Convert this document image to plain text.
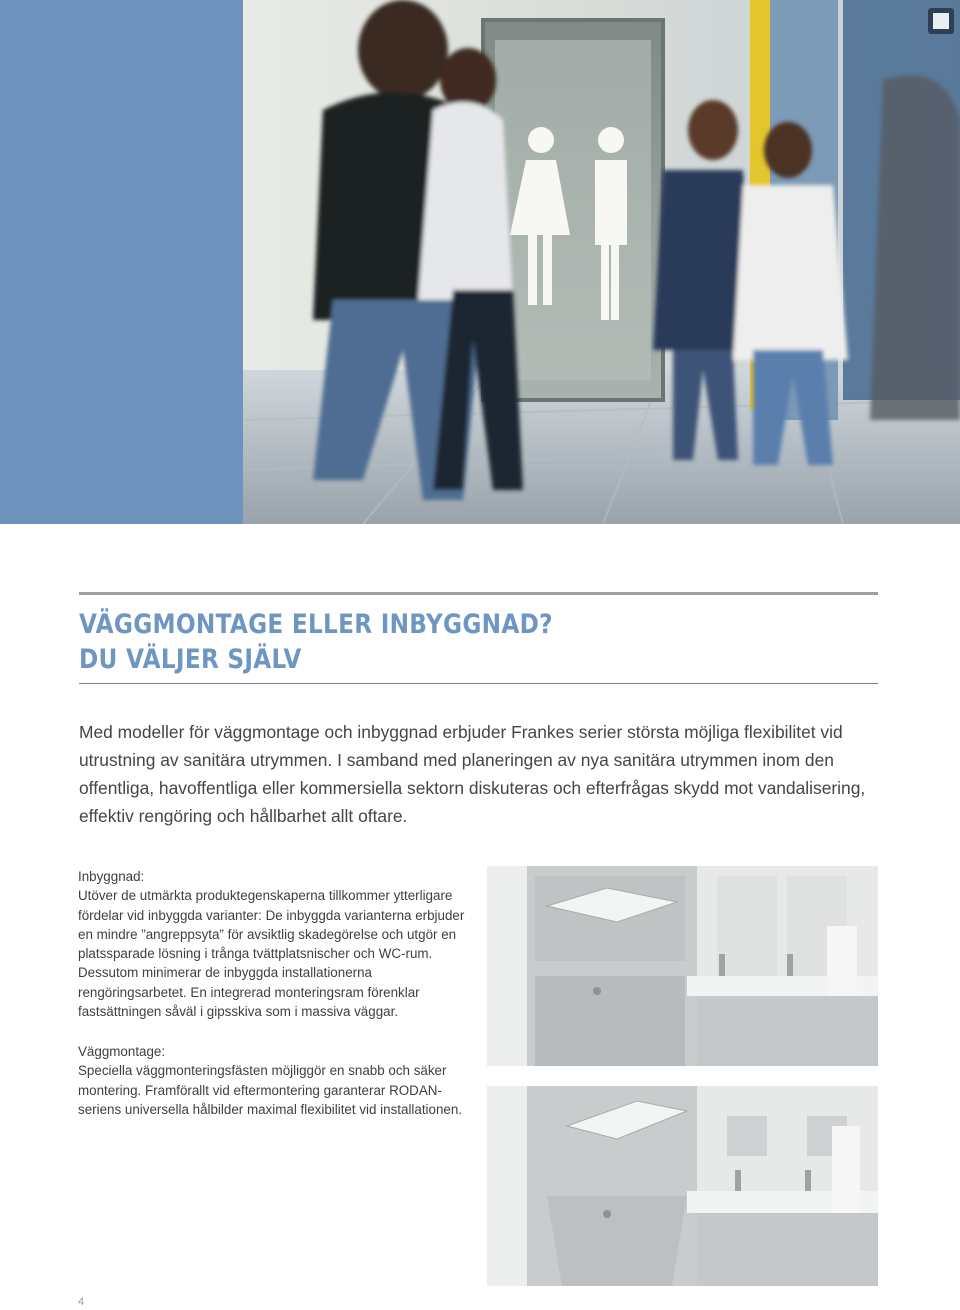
VÄGGMONTAGE ELLER INBYGGNAD?
DU VÄLJER SJÄLV

Med modeller för väggmontage och inbyggnad erbjuder Frankes serier största möjliga flexibilitet vid utrustning av sanitära utrymmen. I samband med planeringen av nya sanitära utrymmen inom den offentliga, havoffentliga eller kommersiella sektorn diskuteras och efterfrågas skydd mot vandalisering, effektiv rengöring och hållbarhet allt oftare.

Inbyggnad:
Utöver de utmärkta produktegenskaperna tillkommer ytterligare fördelar vid inbyggda varianter: De inbyggda varianterna erbjuder en mindre ”angreppsyta” för avsiktlig skadegörelse och utgör en platssparade lösning i trånga tvättplatsnischer och WC-rum. Dessutom minimerar de inbyggda installationerna rengöringsarbetet. En integrerad monteringsram förenklar fastsättningen såväl i gipsskiva som i massiva väggar.

Väggmontage:
Speciella väggmonteringsfästen möjliggör en snabb och säker montering. Framförallt vid eftermontering garanterar RODAN-seriens universella hålbilder maximal flexibilitet vid installationen.

4
